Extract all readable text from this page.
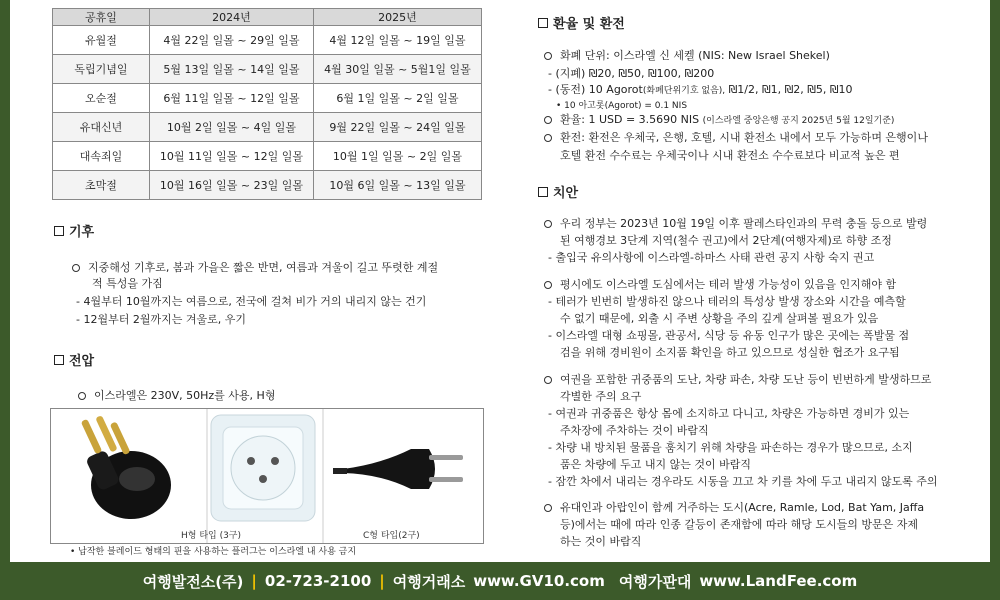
공휴일	2024년	2025년
유월절	4월 22일 일몰 ~ 29일 일몰	4월 12일 일몰 ~ 19일 일몰
독립기념일	5월 13일 일몰 ~ 14일 일몰	4월 30일 일몰 ~ 5월1일 일몰
오순절	6월 11일 일몰 ~ 12일 일몰	6월 1일 일몰 ~ 2일 일몰
유대신년	10월 2일 일몰 ~ 4일 일몰	9월 22일 일몰 ~ 24일 일몰
대속죄일	10월 11일 일몰 ~ 12일 일몰	10월 1일 일몰 ~ 2일 일몰
초막절	10월 16일 일몰 ~ 23일 일몰	10월 6일 일몰 ~ 13일 일몰
기후
지중해성 기후로, 봄과 가을은 짧은 반면, 여름과 겨울이 길고 뚜렷한 계절
적 특성을 가짐
- 4월부터 10월까지는 여름으로, 전국에 걸쳐 비가 거의 내리지 않는 건기
- 12월부터 2월까지는 겨울로, 우기
전압
이스라엘은 230V, 50Hz를 사용, H형
H형 타입 (3구)	C형 타입(2구)
• 납작한 블레이드 형태의 핀을 사용하는 플러그는 이스라엘 내 사용 금지
환율 및 환전
화폐 단위: 이스라엘 신 세켈 (NIS: New Israel Shekel)
- (지폐) ₪20, ₪50, ₪100, ₪200
- (동전) 10 Agorot(화폐단위기호 없음), ₪1/2, ₪1, ₪2, ₪5, ₪10
• 10 아고롯(Agorot) = 0.1 NIS
환율: 1 USD = 3.5690 NIS (이스라엘 중앙은행 공지 2025년 5월 12일기준)
환전: 환전은 우체국, 은행, 호텔, 시내 환전소 내에서 모두 가능하며 은행이나
호텔 환전 수수료는 우체국이나 시내 환전소 수수료보다 비교적 높은 편
치안
우리 정부는 2023년 10월 19일 이후 팔레스타인과의 무력 충돌 등으로 발령
된 여행경보 3단계 지역(철수 권고)에서 2단계(여행자제)로 하향 조정
- 출입국 유의사항에 이스라엘-하마스 사태 관련 공지 사항 숙지 권고
평시에도 이스라엘 도심에서는 테러 발생 가능성이 있음을 인지해야 함
- 테러가 빈번히 발생하진 않으나 테러의 특성상 발생 장소와 시간을 예측할
수 없기 때문에, 외출 시 주변 상황을 주의 깊게 살펴볼 필요가 있음
- 이스라엘 대형 쇼핑몰, 관공서, 식당 등 유동 인구가 많은 곳에는 폭발물 점
검을 위해 경비원이 소지품 확인을 하고 있으므로 성실한 협조가 요구됨
여권을 포함한 귀중품의 도난, 차량 파손, 차량 도난 등이 빈번하게 발생하므로
각별한 주의 요구
- 여권과 귀중품은 항상 몸에 소지하고 다니고, 차량은 가능하면 경비가 있는
주차장에 주차하는 것이 바람직
- 차량 내 방치된 물품을 훔치기 위해 차량을 파손하는 경우가 많으므로, 소지
품은 차량에 두고 내지 않는 것이 바람직
- 잠깐 차에서 내리는 경우라도 시동을 끄고 차 키를 차에 두고 내리지 않도록 주의
유대인과 아랍인이 함께 거주하는 도시(Acre, Ramle, Lod, Bat Yam, Jaffa
등)에서는 때에 따라 인종 갈등이 존재함에 따라 해당 도시들의 방문은 자제
하는 것이 바람직
여행발전소(주) | 02-723-2100 | 여행거래소 www.GV10.com 여행가판대 www.LandFee.com
